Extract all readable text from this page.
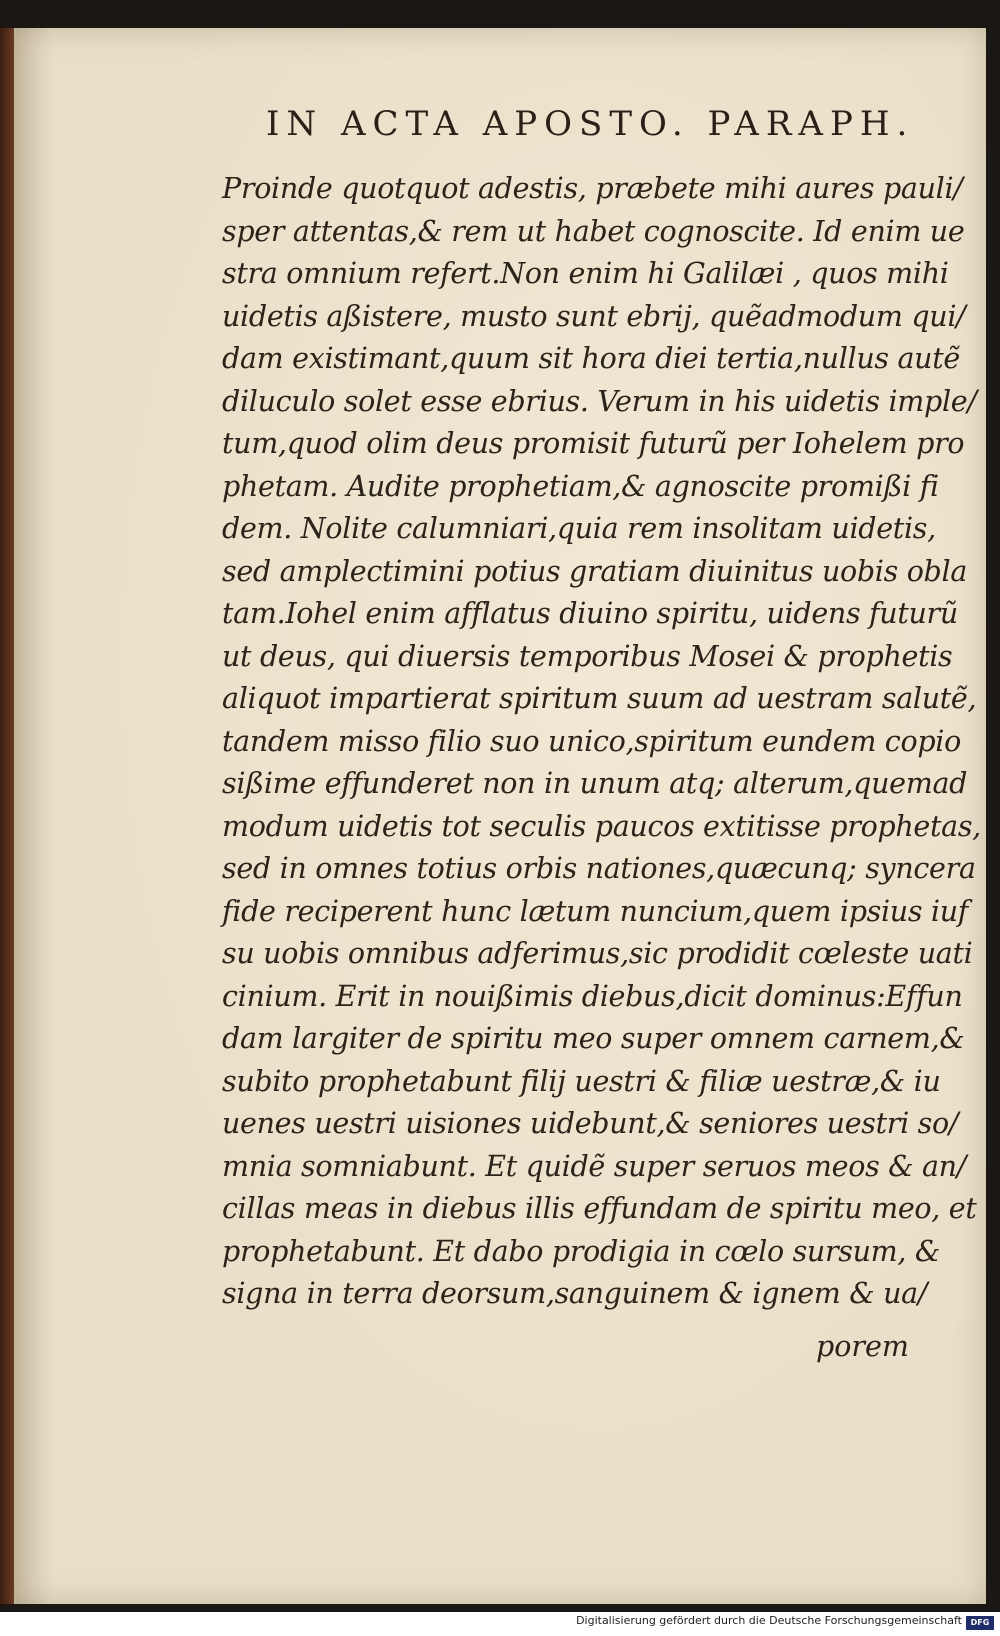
IN ACTA APOSTO. PARAPH.
Proinde quotquot adestis, præbete mihi aures pauli/
sper attentas,& rem ut habet cognoscite. Id enim ue
stra omnium refert.Non enim hi Galilæi , quos mihi
uidetis aßistere, musto sunt ebrij, quẽadmodum qui/
dam existimant,quum sit hora diei tertia,nullus autẽ
diluculo solet esse ebrius. Verum in his uidetis imple/
tum,quod olim deus promisit futurũ per Iohelem pro
phetam. Audite prophetiam,& agnoscite promißi fi
dem. Nolite calumniari,quia rem insolitam uidetis,
sed amplectimini potius gratiam diuinitus uobis obla
tam.Iohel enim afflatus diuino spiritu, uidens futurũ
ut deus, qui diuersis temporibus Mosei & prophetis
aliquot impartierat spiritum suum ad uestram salutẽ,
tandem misso filio suo unico,spiritum eundem copio
sißime effunderet non in unum atq; alterum,quemad
modum uidetis tot seculis paucos extitisse prophetas,
sed in omnes totius orbis nationes,quæcunq; syncera
fide reciperent hunc lætum nuncium,quem ipsius iuf
su uobis omnibus adferimus,sic prodidit cœleste uati
cinium. Erit in nouißimis diebus,dicit dominus:Effun
dam largiter de spiritu meo super omnem carnem,&
subito prophetabunt filij uestri & filiæ uestræ,& iu
uenes uestri uisiones uidebunt,& seniores uestri so/
mnia somniabunt. Et quidẽ super seruos meos & an/
cillas meas in diebus illis effundam de spiritu meo, et
prophetabunt. Et dabo prodigia in cœlo sursum, &
signa in terra deorsum,sanguinem & ignem & ua/
porem
Digitalisierung gefördert durch die Deutsche Forschungsgemeinschaft	DFG
